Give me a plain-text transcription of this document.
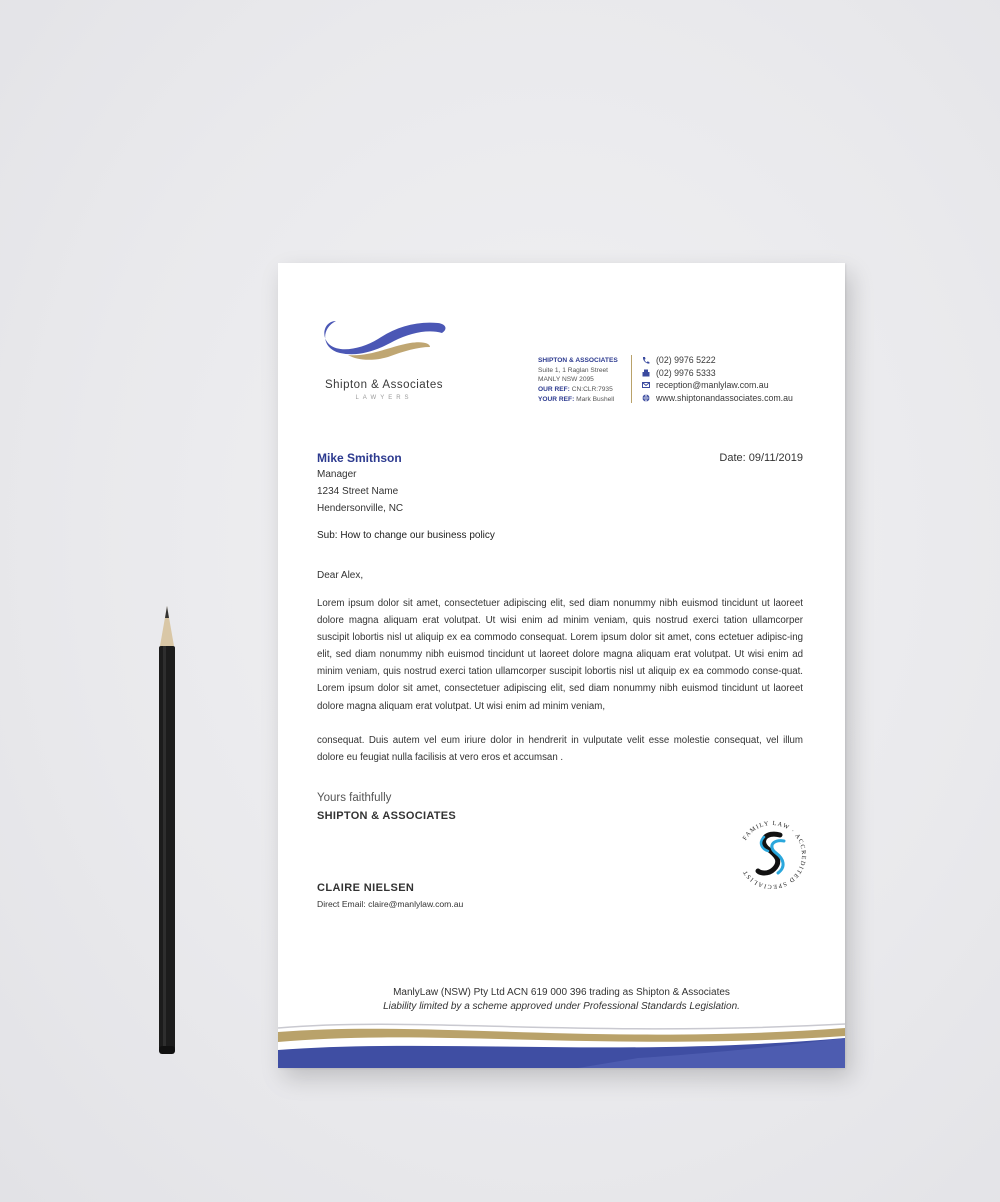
Shipton & Associates
LAWYERS
SHIPTON & ASSOCIATES
Suite 1, 1 Raglan Street
MANLY NSW 2095
OUR REF: CN:CLR:7935
YOUR REF: Mark Bushell
(02) 9976 5222
(02) 9976 5333
reception@manlylaw.com.au
www.shiptonandassociates.com.au
Mike Smithson
Manager
1234 Street Name
Hendersonville, NC
Date: 09/11/2019
Sub: How to change our business policy
Dear Alex,
Lorem ipsum dolor sit amet, consectetuer adipiscing elit, sed diam nonummy nibh euismod tincidunt ut laoreet dolore magna aliquam erat volutpat. Ut wisi enim ad minim veniam, quis nostrud exerci tation ullamcorper suscipit lobortis nisl ut aliquip ex ea commodo consequat. Lorem ipsum dolor sit amet, cons ectetuer adipisc-ing elit, sed diam nonummy nibh euismod tincidunt ut laoreet dolore magna aliquam erat volutpat. Ut wisi enim ad minim veniam, quis nostrud exerci tation ullamcorper suscipit lobortis nisl ut aliquip ex ea commodo conse-quat. Lorem ipsum dolor sit amet, consectetuer adipiscing elit, sed diam nonummy nibh euismod tincidunt ut laoreet dolore magna aliquam erat volutpat. Ut wisi enim ad minim veniam,
consequat. Duis autem vel eum iriure dolor in hendrerit in vulputate velit esse molestie consequat, vel illum dolore eu feugiat nulla facilisis at vero eros et accumsan .
Yours faithfully
SHIPTON & ASSOCIATES
FAMILY LAW · ACCREDITED SPECIALIST
CLAIRE NIELSEN
Direct Email: claire@manlylaw.com.au
ManlyLaw (NSW) Pty Ltd ACN 619 000 396 trading as Shipton & Associates
Liability limited by a scheme approved under Professional Standards Legislation.
